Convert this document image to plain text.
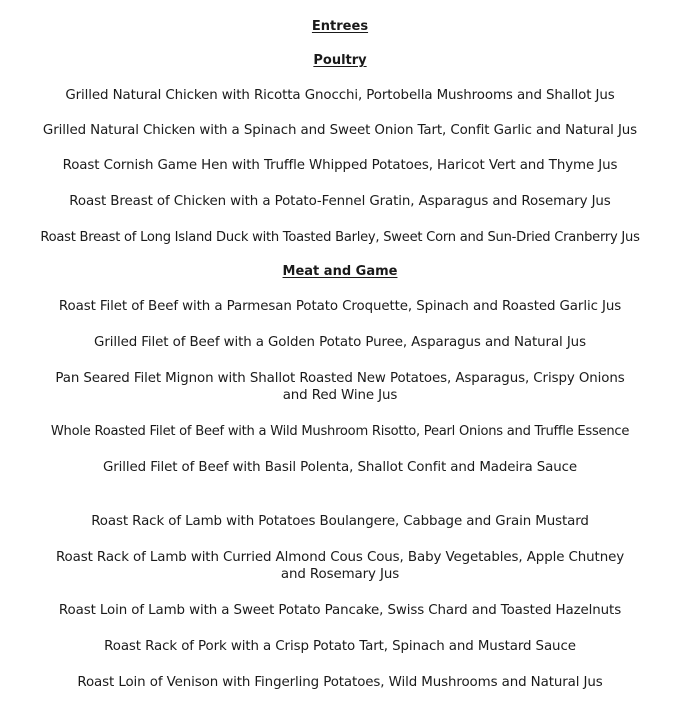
Entrees
Poultry
Grilled Natural Chicken with Ricotta Gnocchi, Portobella Mushrooms and Shallot Jus
Grilled Natural Chicken with a Spinach and Sweet Onion Tart, Confit Garlic and Natural Jus
Roast Cornish Game Hen with Truffle Whipped Potatoes, Haricot Vert and Thyme Jus
Roast Breast of Chicken with a Potato-Fennel Gratin, Asparagus and Rosemary Jus
Roast Breast of Long Island Duck with Toasted Barley, Sweet Corn and Sun-Dried Cranberry Jus
Meat and Game
Roast Filet of Beef with a Parmesan Potato Croquette, Spinach and Roasted Garlic Jus
Grilled Filet of Beef with a Golden Potato Puree, Asparagus and Natural Jus
Pan Seared Filet Mignon with Shallot Roasted New Potatoes, Asparagus, Crispy Onions
and Red Wine Jus
Whole Roasted Filet of Beef with a Wild Mushroom Risotto, Pearl Onions and Truffle Essence
Grilled Filet of Beef with Basil Polenta, Shallot Confit and Madeira Sauce
Roast Rack of Lamb with Potatoes Boulangere, Cabbage and Grain Mustard
Roast Rack of Lamb with Curried Almond Cous Cous, Baby Vegetables, Apple Chutney
and Rosemary Jus
Roast Loin of Lamb with a Sweet Potato Pancake, Swiss Chard and Toasted Hazelnuts
Roast Rack of Pork with a Crisp Potato Tart, Spinach and Mustard Sauce
Roast Loin of Venison with Fingerling Potatoes, Wild Mushrooms and Natural Jus
